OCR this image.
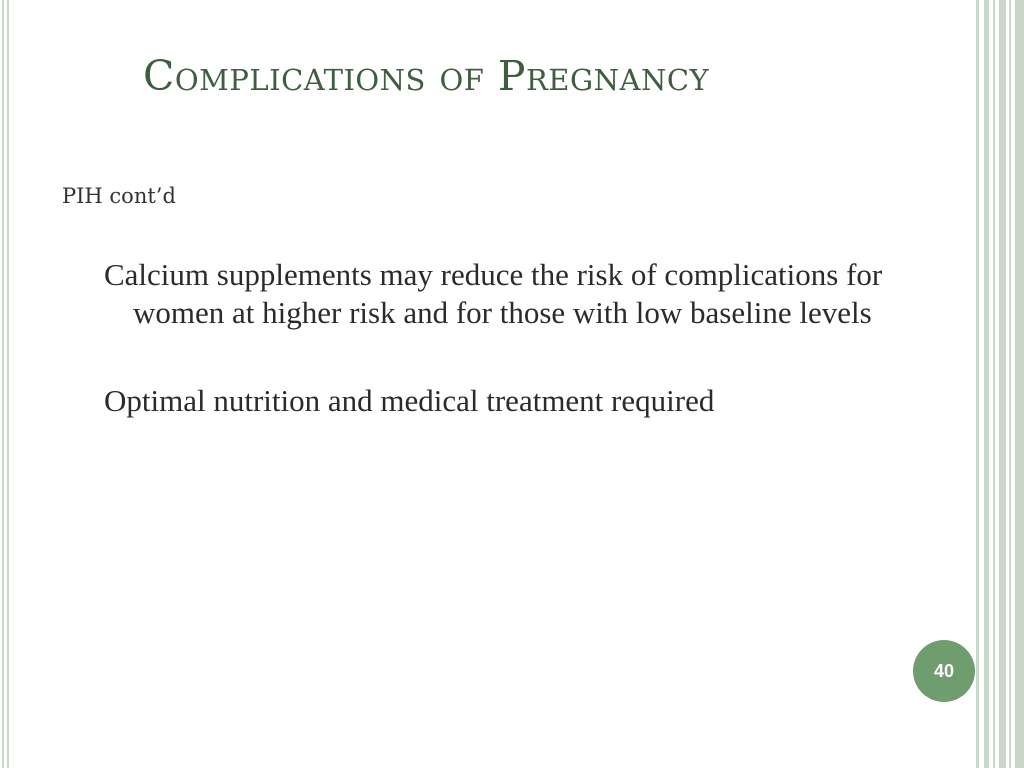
Complications of Pregnancy
PIH cont’d
Calcium supplements may reduce the risk of complications for women at higher risk and for those with low baseline levels
Optimal nutrition and medical treatment required
40
